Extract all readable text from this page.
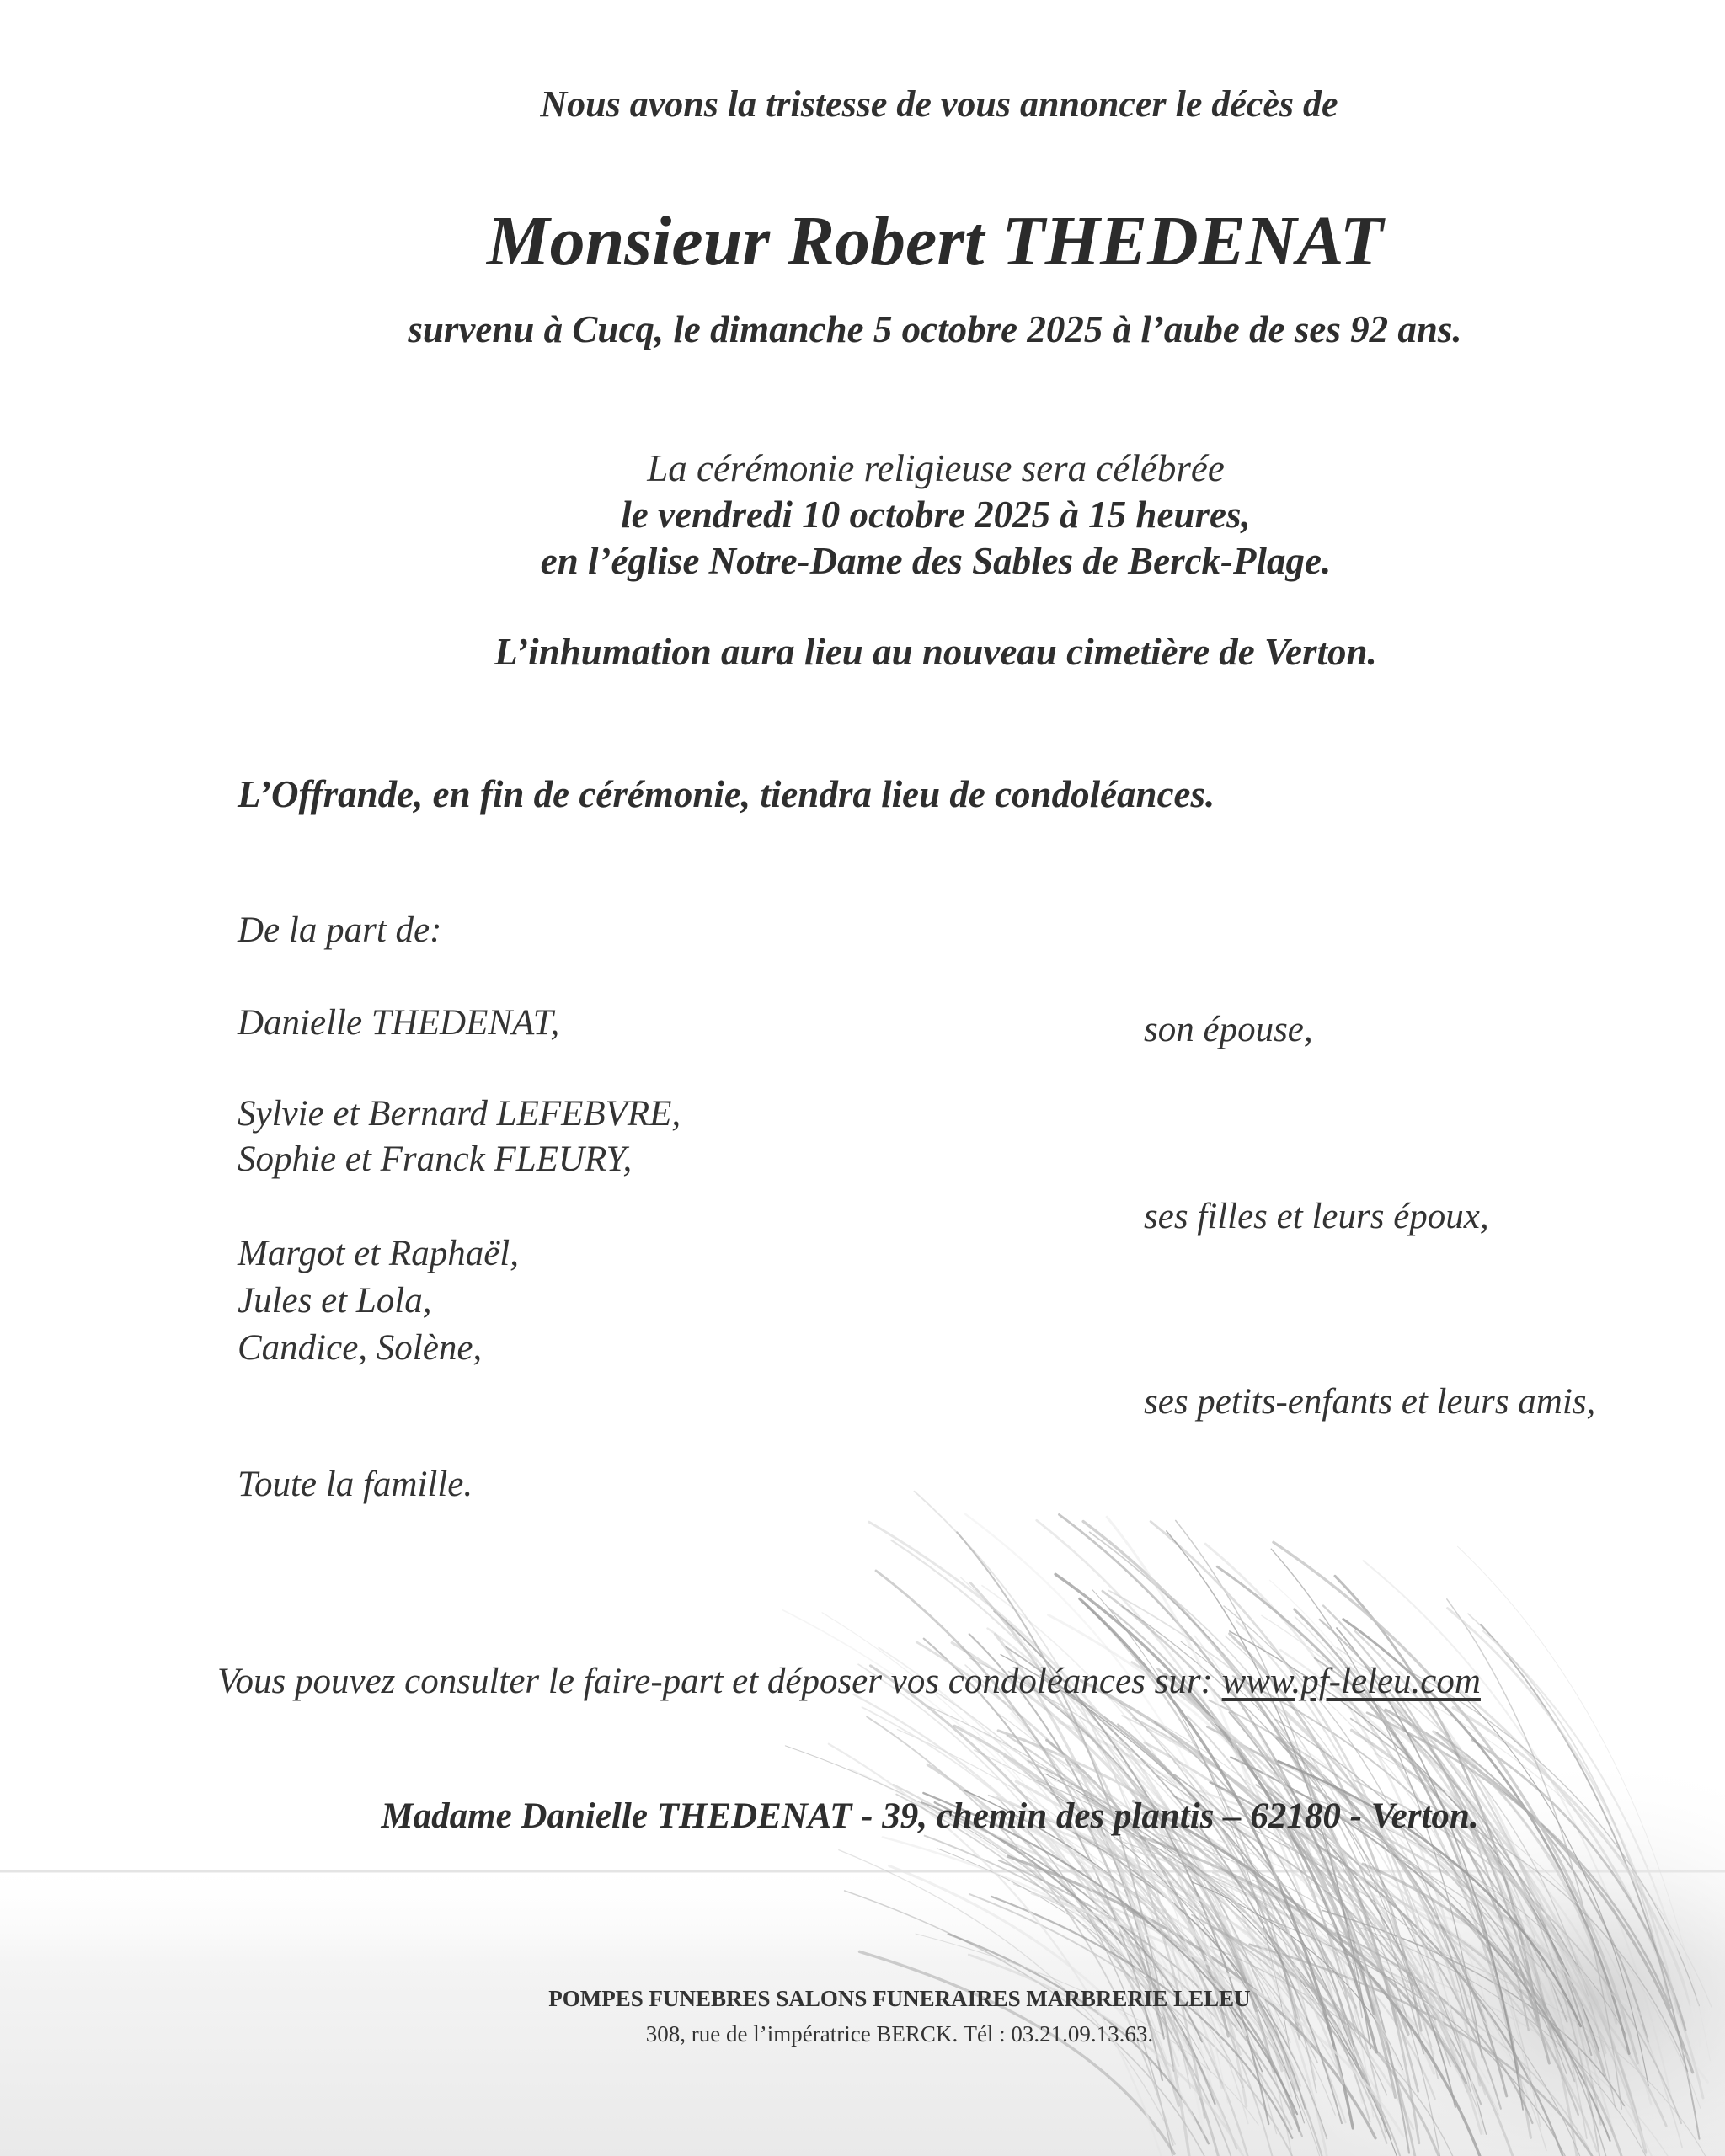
Nous avons la tristesse de vous annoncer le décès de
Monsieur Robert THEDENAT
survenu à Cucq, le dimanche 5 octobre 2025 à l’aube de ses 92 ans.
La cérémonie religieuse sera célébrée
le vendredi 10 octobre 2025 à 15 heures,
en l’église Notre-Dame des Sables de Berck-Plage.
L’inhumation aura lieu au nouveau cimetière de Verton.
L’Offrande, en fin de cérémonie, tiendra lieu de condoléances.
De la part de:
Danielle THEDENAT,	son épouse,
Sylvie et Bernard LEFEBVRE,
Sophie et Franck FLEURY,
ses filles et leurs époux,
Margot et Raphaël,
Jules et Lola,
Candice, Solène,
ses petits-enfants et leurs amis,
Toute la famille.
Vous pouvez consulter le faire-part et déposer vos condoléances sur: www.pf-leleu.com
Madame Danielle THEDENAT - 39, chemin des plantis – 62180 - Verton.
POMPES FUNEBRES SALONS FUNERAIRES MARBRERIE LELEU
308, rue de l’impératrice BERCK. Tél : 03.21.09.13.63.
